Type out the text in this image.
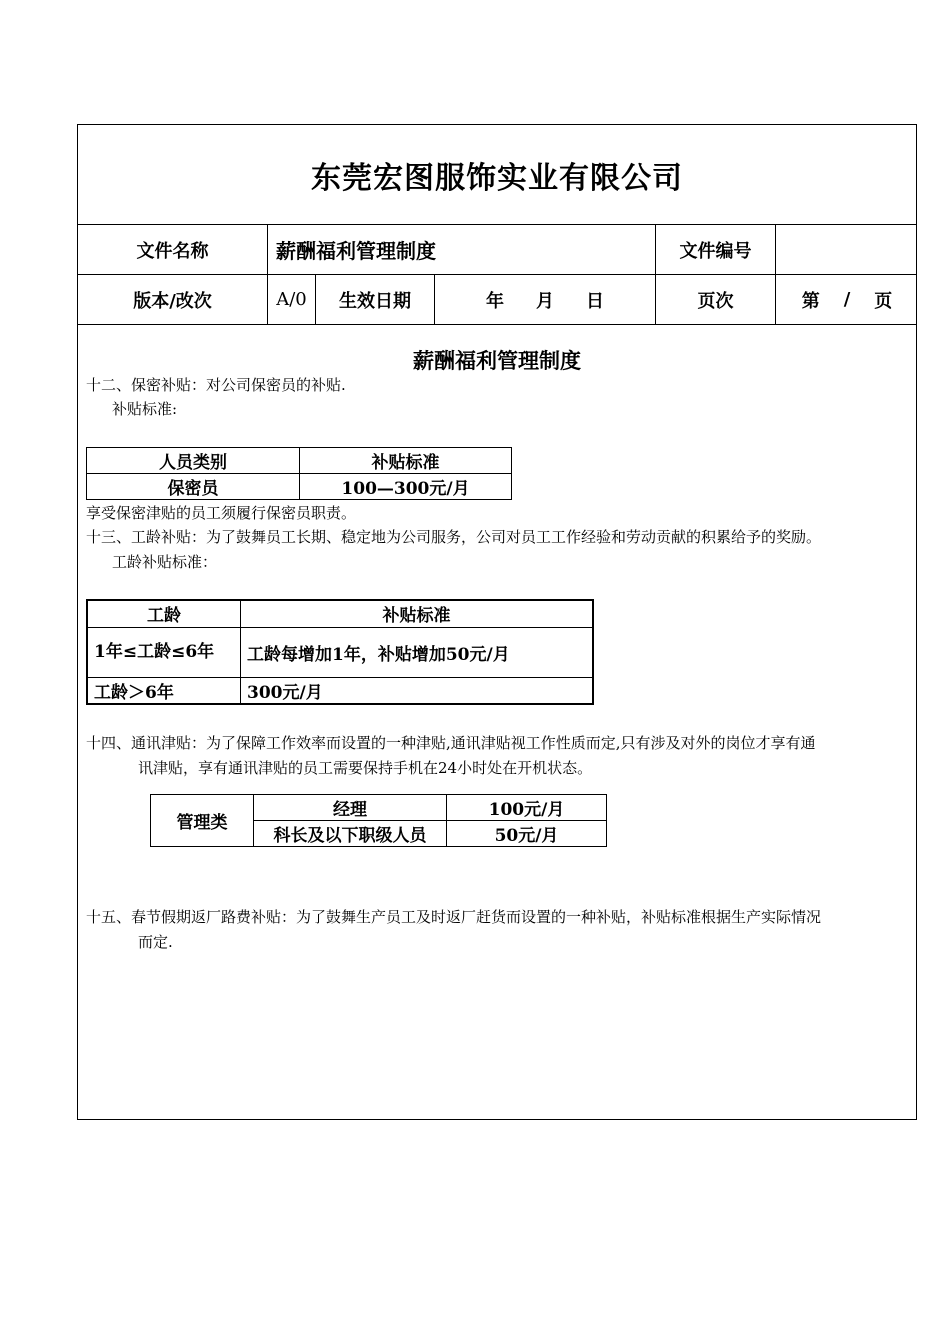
东莞宏图服饰实业有限公司
文件名称	薪酬福利管理制度	文件编号
版本/改次	A/0	生效日期	年 月 日	页次	第 / 页
薪酬福利管理制度
十二、保密补贴：对公司保密员的补贴.
补贴标准:
人员类别	补贴标准
保密员	100—300元/月
享受保密津贴的员工须履行保密员职责。
十三、工龄补贴：为了鼓舞员工长期、稳定地为公司服务，公司对员工工作经验和劳动贡献的积累给予的奖励。
工龄补贴标准：
工龄	补贴标准
1年≤工龄≤6年	工龄每增加1年，补贴增加50元/月
工龄＞6年	300元/月
十四、通讯津贴：为了保障工作效率而设置的一种津贴,通讯津贴视工作性质而定,只有涉及对外的岗位才享有通
讯津贴，享有通讯津贴的员工需要保持手机在24小时处在开机状态。
管理类	经理	100元/月
	科长及以下职级人员	50元/月
十五、春节假期返厂路费补贴：为了鼓舞生产员工及时返厂赶货而设置的一种补贴，补贴标准根据生产实际情况
而定.
